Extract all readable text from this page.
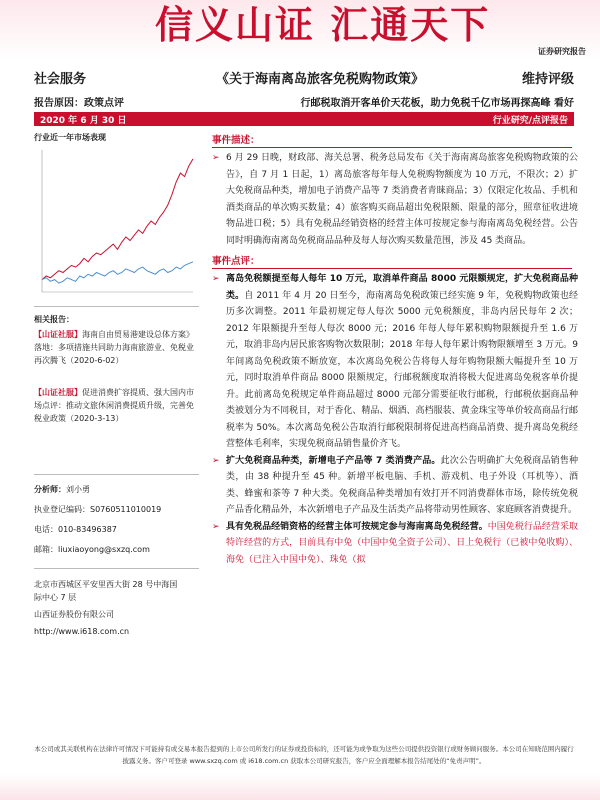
信义山证 汇通天下
证券研究报告
社会服务	《关于海南离岛旅客免税购物政策》	维持评级
报告原因：政策点评	行邮税取消开客单价天花板，助力免税千亿市场再探高峰 看好
2020 年 6 月 30 日	行业研究/点评报告
行业近一年市场表现
相关报告：
【山证社服】海南自由贸易港建设总体方案》落地：多项措施共同助力海南旅游业、免税业再次腾飞（2020-6-02）
【山证社服】促进消费扩容提质、强大国内市场点评：推动文旅休闲消费提质升级，完善免税业政策（2020-3-13）
分析师：刘小勇
执业登记编码：S0760511010019
电话：010-83496387
邮箱：liuxiaoyong@sxzq.com
北京市西城区平安里西大街 28 号中海国
际中心 7 层
山西证券股份有限公司
http://www.i618.com.cn
事件描述：
➢ 6 月 29 日晚，财政部、海关总署、税务总局发布《关于海南离岛旅客免税购物政策的公告》，自 7 月 1 日起，1）离岛旅客每年每人免税购物额度为 10 万元，不限次；2）扩大免税商品种类，增加电子消费产品等 7 类消费者青睐商品；3）仅限定化妆品、手机和酒类商品的单次购买数量；4）旅客购买商品超出免税限额、限量的部分，照章征收进境物品进口税；5）具有免税品经销资格的经营主体可按规定参与海南离岛免税经营。公告同时明确海南离岛免税商品品种及每人每次购买数量范围，涉及 45 类商品。
事件点评：
➢ 离岛免税额提至每人每年 10 万元，取消单件商品 8000 元限额规定，扩大免税商品种类。自 2011 年 4 月 20 日至今，海南离岛免税政策已经实施 9 年，免税购物政策也经历多次调整。2011 年最初规定每人每次 5000 元免税额度，非岛内居民每年 2 次；2012 年限额提升至每人每次 8000 元；2016 年每人每年累积购物限额提升至 1.6 万元，取消非岛内居民旅客购物次数限制；2018 年每人每年累计购物限额增至 3 万元。9 年间离岛免税政策不断放宽，本次离岛免税公告将每人每年购物限额大幅提升至 10 万元，同时取消单件商品 8000 限额规定，行邮税额度取消将极大促进离岛免税客单价提升。此前离岛免税规定单件商品超过 8000 元部分需要征收行邮税，行邮税依据商品种类被划分为不同税目，对于香化、精品、烟酒、高档服装、黄金珠宝等单价较高商品行邮税率为 50%。本次离岛免税公告取消行邮税限制将促进高档商品消费、提升离岛免税经营整体毛利率，实现免税商品销售量价齐飞。
➢ 扩大免税商品种类，新增电子产品等 7 类消费产品。此次公告明确扩大免税商品销售种类，由 38 种提升至 45 种。新增平板电脑、手机、游戏机、电子外设（耳机等）、酒类、蜂蜜和茶等 7 种大类。免税商品种类增加有效打开不同消费群体市场，除传统免税产品香化精品外，本次新增电子产品及生活类产品将带动男性顾客、家庭顾客消费提升。
➢ 具有免税品经销资格的经营主体可按规定参与海南离岛免税经营。中国免税行品经营采取特许经营的方式，目前具有中免（中国中免全资子公司）、日上免税行（已被中免收购）、海免（已注入中国中免）、珠免（拟
本公司或其关联机构在法律许可情况下可能持有或交易本报告提到的上市公司所发行的证券或投资标的，还可能为或争取为这些公司提供投资银行或财务顾问服务。本公司在知晓范围内履行披露义务。客户可登录 www.sxzq.com 或 i618.com.cn 获取本公司研究报告，客户应全面理解本报告结尾处的“免责声明”。
